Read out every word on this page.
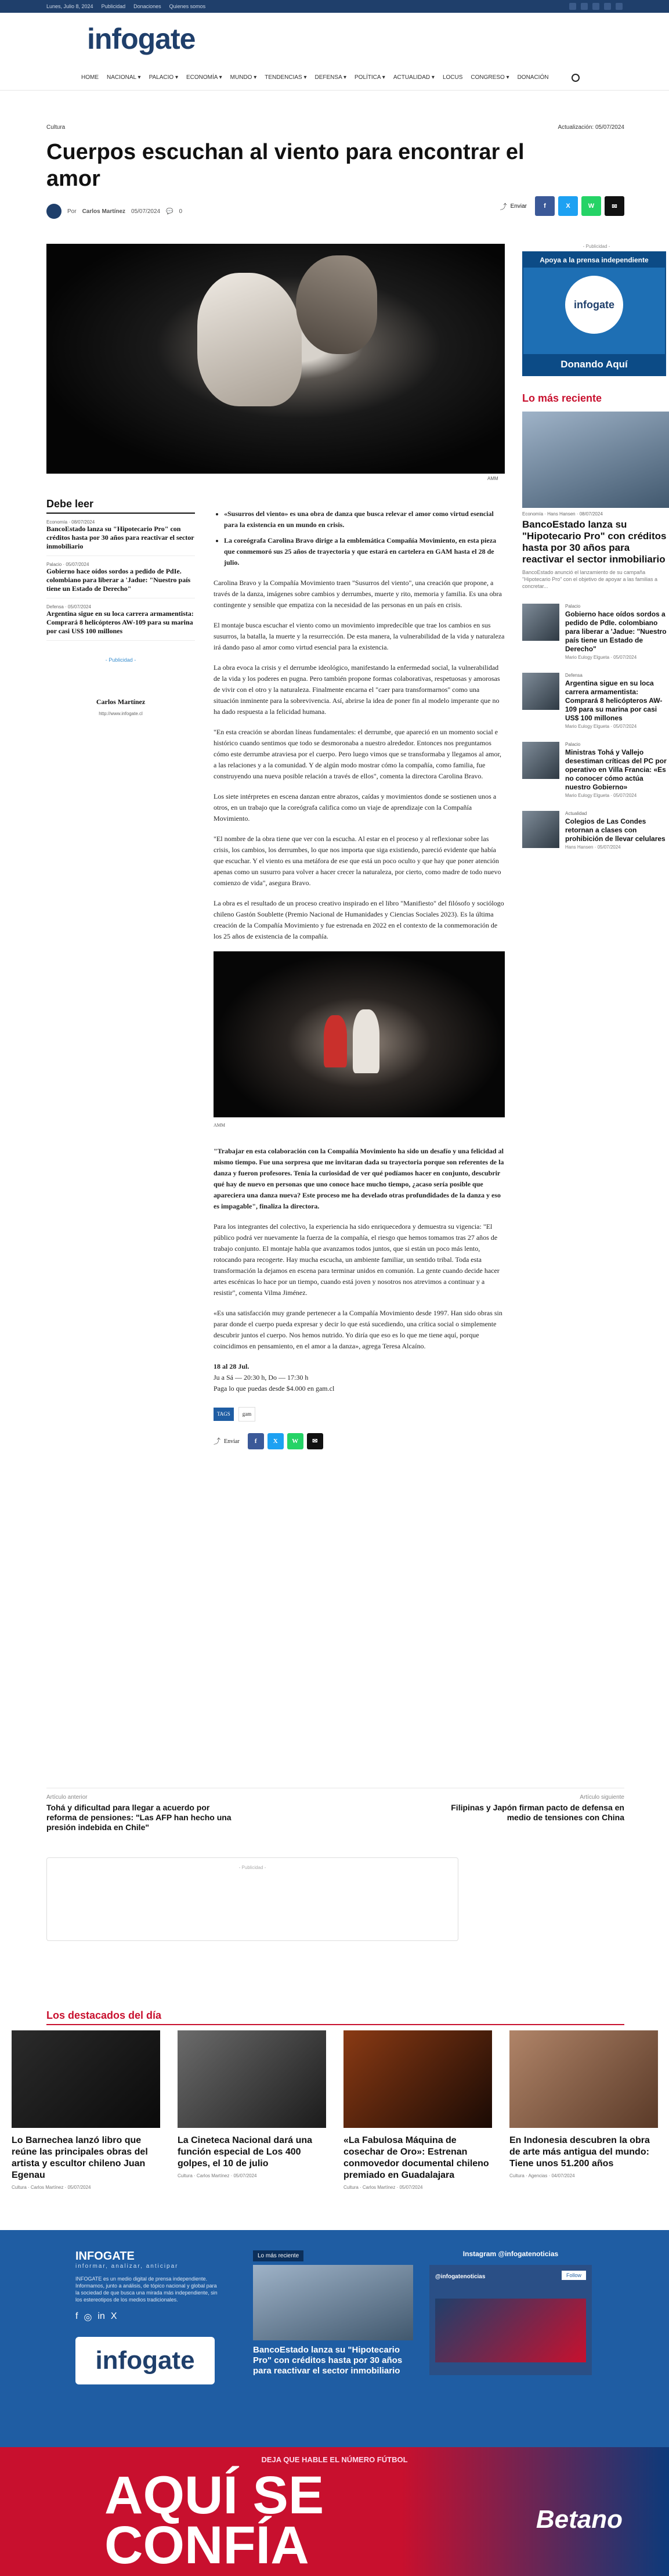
Lunes, Julio 8, 2024 Publicidad Donaciones Quienes somos
infogate
HOME NACIONAL ▾ PALACIO ▾ ECONOMÍA ▾ MUNDO ▾ TENDENCIAS ▾ DEFENSA ▾ POLÍTICA ▾ ACTUALIDAD ▾ LOCUS CONGRESO ▾ DONACIÓN
Cultura	Actualización: 05/07/2024
Cuerpos escuchan al viento para encontrar el amor
Por Carlos Martínez 05/07/2024 💬 0
⤴ Enviar	f	X	W	✉
AMM
Debe leer
Economía · 08/07/2024
BancoEstado lanza su "Hipotecario Pro" con créditos hasta por 30 años para reactivar el sector inmobiliario
Palacio · 05/07/2024
Gobierno hace oídos sordos a pedido de PdIe. colombiano para liberar a 'Jadue: "Nuestro país tiene un Estado de Derecho"
Defensa · 05/07/2024
Argentina sigue en su loca carrera armamentista: Comprará 8 helicópteros AW-109 para su marina por casi US$ 100 millones
- Publicidad -
Carlos Martínez
http://www.infogate.cl
• «Susurros del viento» es una obra de danza que busca relevar el amor como virtud esencial para la existencia en un mundo en crisis.
• La coreógrafa Carolina Bravo dirige a la emblemática Compañía Movimiento, en esta pieza que conmemoró sus 25 años de trayectoria y que estará en cartelera en GAM hasta el 28 de julio.

Carolina Bravo y la Compañía Movimiento traen "Susurros del viento", una creación que propone, a través de la danza, imágenes sobre cambios y derrumbes, muerte y rito, memoria y familia. Es una obra contingente y sensible que empatiza con la necesidad de las personas en un país en crisis.

El montaje busca escuchar el viento como un movimiento impredecible que trae los cambios en sus susurros, la batalla, la muerte y la resurrección. De esta manera, la vulnerabilidad de la vida y naturaleza irá dando paso al amor como virtud esencial para la existencia.

La obra evoca la crisis y el derrumbe ideológico, manifestando la enfermedad social, la vulnerabilidad de la vida y los poderes en pugna. Pero también propone formas colaborativas, respetuosas y amorosas de vivir con el otro y la naturaleza. Finalmente encarna el "caer para transformarnos" como una situación inminente para la sobrevivencia. Así, abrirse la idea de poner fin al modelo imperante que no ha dado respuesta a la felicidad humana.

"En esta creación se abordan líneas fundamentales: el derrumbe, que apareció en un momento social e histórico cuando sentimos que todo se desmoronaba a nuestro alrededor. Entonces nos preguntamos cómo este derrumbe atraviesa por el cuerpo. Pero luego vimos que se transformaba y llegamos al amor, a las relaciones y a la comunidad. Y de algún modo mostrar cómo la compañía, como familia, fue construyendo una nueva posible relación a través de ellos", comenta la directora Carolina Bravo.

Los siete intérpretes en escena danzan entre abrazos, caídas y movimientos donde se sostienen unos a otros, en un trabajo que la coreógrafa califica como un viaje de aprendizaje con la Compañía Movimiento.

"El nombre de la obra tiene que ver con la escucha. Al estar en el proceso y al reflexionar sobre las crisis, los cambios, los derrumbes, lo que nos importa que siga existiendo, pareció evidente que había que escuchar. Y el viento es una metáfora de ese que está un poco oculto y que hay que poner atención apenas como un susurro para volver a hacer crecer la naturaleza, por cierto, como madre de todo nuevo comienzo de vida", asegura Bravo.

La obra es el resultado de un proceso creativo inspirado en el libro "Manifiesto" del filósofo y sociólogo chileno Gastón Soublette (Premio Nacional de Humanidades y Ciencias Sociales 2023). Es la última creación de la Compañía Movimiento y fue estrenada en 2022 en el contexto de la conmemoración de los 25 años de existencia de la compañía.

AMM

"Trabajar en esta colaboración con la Compañía Movimiento ha sido un desafío y una felicidad al mismo tiempo. Fue una sorpresa que me invitaran dada su trayectoria porque son referentes de la danza y fueron profesores. Tenía la curiosidad de ver qué podíamos hacer en conjunto, descubrir qué hay de nuevo en personas que uno conoce hace mucho tiempo, ¿acaso sería posible que apareciera una danza nueva? Este proceso me ha develado otras profundidades de la danza y eso es impagable", finaliza la directora.

Para los integrantes del colectivo, la experiencia ha sido enriquecedora y demuestra su vigencia: "El público podrá ver nuevamente la fuerza de la compañía, el riesgo que hemos tomamos tras 27 años de trabajo conjunto. El montaje habla que avanzamos todos juntos, que si están un poco más lento, rotocando para recogerte. Hay mucha escucha, un ambiente familiar, un sentido tribal. Toda esta transformación la dejamos en escena para terminar unidos en comunión. La gente cuando decide hacer artes escénicas lo hace por un tiempo, cuando está joven y nosotros nos atrevimos a continuar y a resistir", comenta Vilma Jiménez.

«Es una satisfacción muy grande pertenecer a la Compañía Movimiento desde 1997. Han sido obras sin parar donde el cuerpo pueda expresar y decir lo que está sucediendo, una crítica social o simplemente descubrir juntos el cuerpo. Nos hemos nutrido. Yo diría que eso es lo que me tiene aquí, porque coincidimos en pensamiento, en el amor a la danza», agrega Teresa Alcaíno.

18 al 28 Jul.
Ju a Sá — 20:30 h, Do — 17:30 h
Paga lo que puedas desde $4.000 en gam.cl
TAGS	gam
⤴ Enviar	f	X	W	✉
- Publicidad -
Apoya a la prensa independiente
infogate
Donando Aquí
Lo más reciente
Economía · Hans Hansen · 08/07/2024
BancoEstado lanza su "Hipotecario Pro" con créditos hasta por 30 años para reactivar el sector inmobiliario
BancoEstado anunció el lanzamiento de su campaña "Hipotecario Pro" con el objetivo de apoyar a las familias a concretar...
Palacio
Gobierno hace oídos sordos a pedido de PdIe. colombiano para liberar a 'Jadue: "Nuestro país tiene un Estado de Derecho"
Mario Eulogy Elgueta · 05/07/2024
Defensa
Argentina sigue en su loca carrera armamentista: Comprará 8 helicópteros AW-109 para su marina por casi US$ 100 millones
Mario Eulogy Elgueta · 05/07/2024
Palacio
Ministras Tohá y Vallejo desestiman críticas del PC por operativo en Villa Francia: «Es no conocer cómo actúa nuestro Gobierno»
Mario Eulogy Elgueta · 05/07/2024
Actualidad
Colegios de Las Condes retornan a clases con prohibición de llevar celulares
Hans Hansen · 05/07/2024
Artículo anterior
Tohá y dificultad para llegar a acuerdo por reforma de pensiones: "Las AFP han hecho una presión indebida en Chile"
Artículo siguiente
Filipinas y Japón firman pacto de defensa en medio de tensiones con China
- Publicidad -
Los destacados del día
Lo Barnechea lanzó libro que reúne las principales obras del artista y escultor chileno Juan Egenau
Cultura · Carlos Martínez · 05/07/2024
La Cineteca Nacional dará una función especial de Los 400 golpes, el 10 de julio
Cultura · Carlos Martínez · 05/07/2024
«La Fabulosa Máquina de cosechar de Oro»: Estrenan conmovedor documental chileno premiado en Guadalajara
Cultura · Carlos Martínez · 05/07/2024
En Indonesia descubren la obra de arte más antigua del mundo: Tiene unos 51.200 años
Cultura · Agencias · 04/07/2024
INFOGATE
informar, analizar, anticipar
INFOGATE es un medio digital de prensa independiente. Informamos, junto a análisis, de tópico nacional y global para la sociedad de que busca una mirada más independiente, sin los estereotipos de los medios tradicionales.
f ◎ in X
infogate
Lo más reciente
BancoEstado lanza su "Hipotecario Pro" con créditos hasta por 30 años para reactivar el sector inmobiliario
Instagram @infogatenoticias
@infogatenoticias	Follow
DEJA QUE HABLE EL NÚMERO FÚTBOL
AQUÍ SE CONFÍA	Betano
